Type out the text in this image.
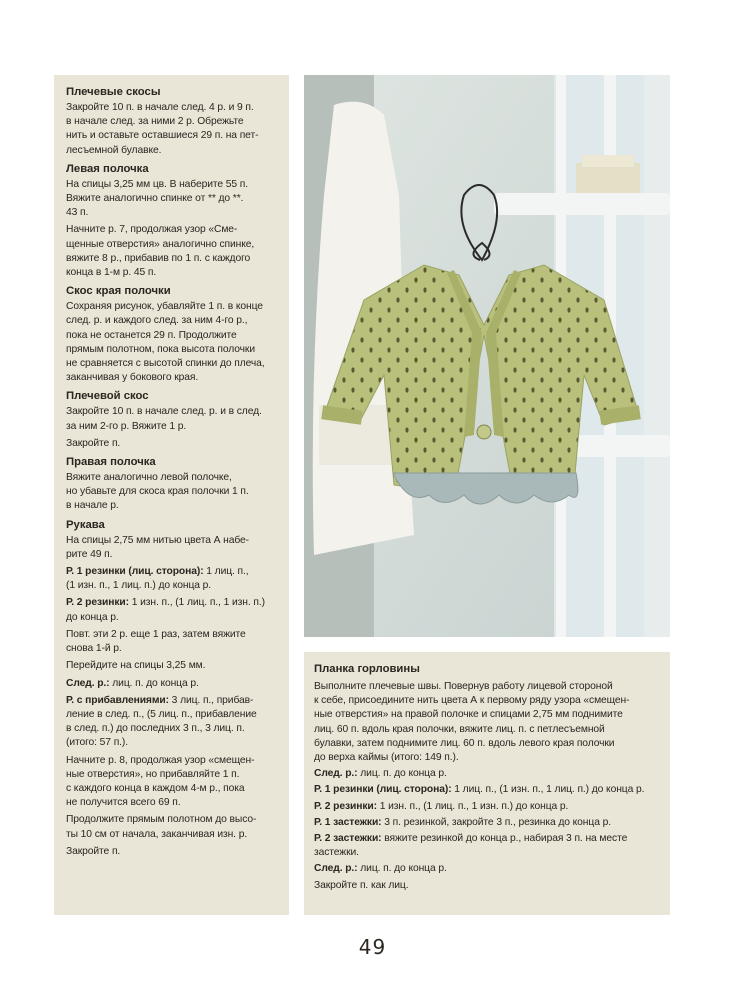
Плечевые скосы
Закройте 10 п. в начале след. 4 р. и 9 п.
в начале след. за ними 2 р. Обрежьте
нить и оставьте оставшиеся 29 п. на пет-
лесъемной булавке.
Левая полочка
На спицы 3,25 мм цв. В наберите 55 п.
Вяжите аналогично спинке от ** до **.
43 п.
Начните р. 7, продолжая узор «Сме-
щенные отверстия» аналогично спинке,
вяжите 8 р., прибавив по 1 п. с каждого
конца в 1-м р. 45 п.
Скос края полочки
Сохраняя рисунок, убавляйте 1 п. в конце
след. р. и каждого след. за ним 4-го р.,
пока не останется 29 п. Продолжите
прямым полотном, пока высота полочки
не сравняется с высотой спинки до плеча,
заканчивая у бокового края.
Плечевой скос
Закройте 10 п. в начале след. р. и в след.
за ним 2-го р. Вяжите 1 р.
Закройте п.
Правая полочка
Вяжите аналогично левой полочке,
но убавьте для скоса края полочки 1 п.
в начале р.
Рукава
На спицы 2,75 мм нитью цвета А набе-
рите 49 п.
Р. 1 резинки (лиц. сторона): 1 лиц. п.,
(1 изн. п., 1 лиц. п.) до конца р.
Р. 2 резинки: 1 изн. п., (1 лиц. п., 1 изн. п.)
до конца р.
Повт. эти 2 р. еще 1 раз, затем вяжите
снова 1-й р.
Перейдите на спицы 3,25 мм.
След. р.: лиц. п. до конца р.
Р. с прибавлениями: 3 лиц. п., прибав-
ление в след. п., (5 лиц. п., прибавление
в след. п.) до последних 3 п., 3 лиц. п.
(итого: 57 п.).
Начните р. 8, продолжая узор «смещен-
ные отверстия», но прибавляйте 1 п.
с каждого конца в каждом 4-м р., пока
не получится всего 69 п.
Продолжите прямым полотном до высо-
ты 10 см от начала, заканчивая изн. р.
Закройте п.
Планка горловины
Выполните плечевые швы. Повернув работу лицевой стороной
к себе, присоедините нить цвета А к первому ряду узора «смещен-
ные отверстия» на правой полочке и спицами 2,75 мм поднимите
лиц. 60 п. вдоль края полочки, вяжите лиц. п. с петлесъемной
булавки, затем поднимите лиц. 60 п. вдоль левого края полочки
до верха каймы (итого: 149 п.).
След. р.: лиц. п. до конца р.
Р. 1 резинки (лиц. сторона): 1 лиц. п., (1 изн. п., 1 лиц. п.) до конца р.
Р. 2 резинки: 1 изн. п., (1 лиц. п., 1 изн. п.) до конца р.
Р. 1 застежки: 3 п. резинкой, закройте 3 п., резинка до конца р.
Р. 2 застежки: вяжите резинкой до конца р., набирая 3 п. на месте
застежки.
След. р.: лиц. п. до конца р.
Закройте п. как лиц.
49
